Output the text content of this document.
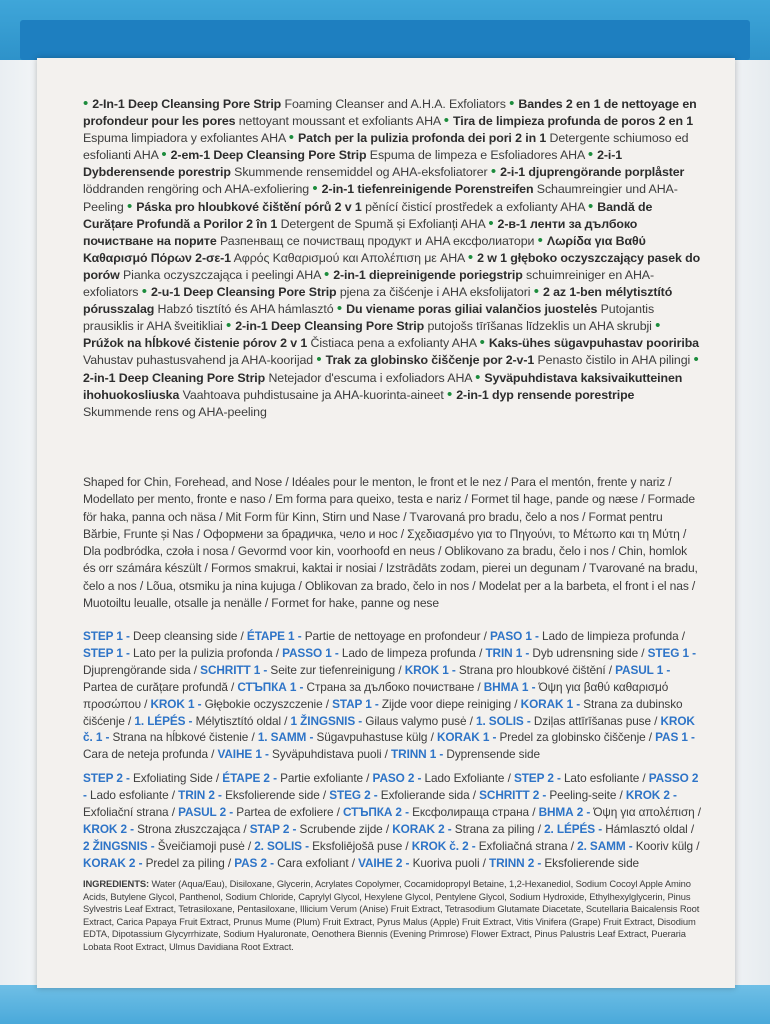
• 2-In-1 Deep Cleansing Pore Strip Foaming Cleanser and A.H.A. Exfoliators • Bandes 2 en 1 de nettoyage en profondeur pour les pores nettoyant moussant et exfoliants AHA • Tira de limpieza profunda de poros 2 en 1 Espuma limpiadora y exfoliantes AHA • Patch per la pulizia profonda dei pori 2 in 1 Detergente schiumoso ed esfolianti AHA • 2-em-1 Deep Cleansing Pore Strip Espuma de limpeza e Esfoliadores AHA • 2-i-1 Dybderensende porestrip Skummende rensemiddel og AHA-eksfoliatorer • 2-i-1 djuprengörande porplåster löddranden rengöring och AHA-exfoliering • 2-in-1 tiefenreinigende Porenstreifen Schaumreingier und AHA-Peeling • Páska pro hloubkové čištění pórů 2 v 1 pěnící čisticí prostředek a exfolianty AHA • Bandă de Curățare Profundă a Porilor 2 în 1 Detergent de Spumă și Exfolianți AHA • 2-в-1 ленти за дълбоко почистване на порите Разпенващ се почистващ продукт и AHA ексфолиатори • Λωρίδα για Βαθύ Καθαρισμό Πόρων 2-σε-1 Αφρός Καθαρισμού και Απολέπιση με AHA • 2 w 1 głęboko oczyszczający pasek do porów Pianka oczyszczająca i peelingi AHA • 2-in-1 diepreinigende poriegstrip schuimreiniger en AHA-exfoliators • 2-u-1 Deep Cleansing Pore Strip pjena za čišćenje i AHA eksfolijatori • 2 az 1-ben mélytisztító pórusszalag Habzó tisztító és AHA hámlasztó • Du viename poras giliai valančios juostelės Putojantis prausiklis ir AHA šveitikliai • 2-in-1 Deep Cleansing Pore Strip putojošs tīrīšanas līdzeklis un AHA skrubji • Prúžok na hĺbkové čistenie pórov 2 v 1 Čistiaca pena a exfolianty AHA • Kaks-ühes sügavpuhastav pooririba Vahustav puhastusvahend ja AHA-koorijad • Trak za globinsko čiščenje por 2-v-1 Penasto čistilo in AHA pilingi • 2-in-1 Deep Cleaning Pore Strip Netejador d'escuma i exfoliadors AHA • Syväpuhdistava kaksivaikutteinen ihohuokosliuska Vaahtoava puhdistusaine ja AHA-kuorinta-aineet • 2-in-1 dyp rensende porestripe Skummende rens og AHA-peeling
Shaped for Chin, Forehead, and Nose / Idéales pour le menton, le front et le nez / Para el mentón, frente y nariz / Modellato per mento, fronte e naso / Em forma para queixo, testa e nariz / Formet til hage, pande og næse / Formade för haka, panna och näsa / Mit Form für Kinn, Stirn und Nase / Tvarovaná pro bradu, čelo a nos / Format pentru Bărbie, Frunte și Nas / Оформени за брадичка, чело и нос / Σχεδιασμένο για το Πηγούνι, το Μέτωπο και τη Μύτη / Dla podbródka, czoła i nosa / Gevormd voor kin, voorhoofd en neus / Oblikovano za bradu, čelo i nos / Chin, homlok és orr számára készült / Formos smakrui, kaktai ir nosiai / Izstrādāts zodam, pierei un degunam / Tvarované na bradu, čelo a nos / Lõua, otsmiku ja nina kujuga / Oblikovan za brado, čelo in nos / Modelat per a la barbeta, el front i el nas / Muotoiltu leualle, otsalle ja nenälle / Formet for hake, panne og nese
STEP 1 - Deep cleansing side / ÉTAPE 1 - Partie de nettoyage en profondeur / PASO 1 - Lado de limpieza profunda / STEP 1 - Lato per la pulizia profonda / PASSO 1 - Lado de limpeza profunda / TRIN 1 - Dyb udrensning side / STEG 1 - Djuprengörande sida / SCHRITT 1 - Seite zur tiefenreinigung / KROK 1 - Strana pro hloubkové čištění / PASUL 1 - Partea de curățare profundă / СТЪПКА 1 - Страна за дълбоко почистване / ΒΗΜΑ 1 - Όψη για βαθύ καθαρισμό προσώπου / KROK 1 - Głębokie oczyszczenie / STAP 1 - Zijde voor diepe reiniging / KORAK 1 - Strana za dubinsko čišćenje / 1. LÉPÉS - Mélytisztító oldal / 1 ŽINGSNIS - Gilaus valymo pusė / 1. SOLIS - Dziļas attīrīšanas puse / KROK č. 1 - Strana na hĺbkové čistenie / 1. SAMM - Sügavpuhastuse külg / KORAK 1 - Predel za globinsko čiščenje / PAS 1 - Cara de neteja profunda / VAIHE 1 - Syväpuhdistava puoli / TRINN 1 - Dyprensende side
STEP 2 - Exfoliating Side / ÉTAPE 2 - Partie exfoliante / PASO 2 - Lado Exfoliante / STEP 2 - Lato esfoliante / PASSO 2 - Lado esfoliante / TRIN 2 - Eksfolierende side / STEG 2 - Exfolierande sida / SCHRITT 2 - Peeling-seite / KROK 2 - Exfoliační strana / PASUL 2 - Partea de exfoliere / СТЪПКА 2 - Ексфолираща страна / ΒΗΜΑ 2 - Όψη για απολέπιση / KROK 2 - Strona złuszczająca / STAP 2 - Scrubende zijde / KORAK 2 - Strana za piling / 2. LÉPÉS - Hámlasztó oldal / 2 ŽINGSNIS - Šveičiamoji pusė / 2. SOLIS - Eksfoliējošā puse / KROK č. 2 - Exfoliačná strana / 2. SAMM - Kooriv külg / KORAK 2 - Predel za piling / PAS 2 - Cara exfoliant / VAIHE 2 - Kuoriva puoli / TRINN 2 - Eksfolierende side
INGREDIENTS: Water (Aqua/Eau), Disiloxane, Glycerin, Acrylates Copolymer, Cocamidopropyl Betaine, 1,2-Hexanediol, Sodium Cocoyl Apple Amino Acids, Butylene Glycol, Panthenol, Sodium Chloride, Caprylyl Glycol, Hexylene Glycol, Pentylene Glycol, Sodium Hydroxide, Ethylhexylglycerin, Pinus Sylvestris Leaf Extract, Tetrasiloxane, Pentasiloxane, Illicium Verum (Anise) Fruit Extract, Tetrasodium Glutamate Diacetate, Scutellaria Baicalensis Root Extract, Carica Papaya Fruit Extract, Prunus Mume (Plum) Fruit Extract, Pyrus Malus (Apple) Fruit Extract, Vitis Vinifera (Grape) Fruit Extract, Disodium EDTA, Dipotassium Glycyrrhizate, Sodium Hyaluronate, Oenothera Biennis (Evening Primrose) Flower Extract, Pinus Palustris Leaf Extract, Pueraria Lobata Root Extract, Ulmus Davidiana Root Extract.
